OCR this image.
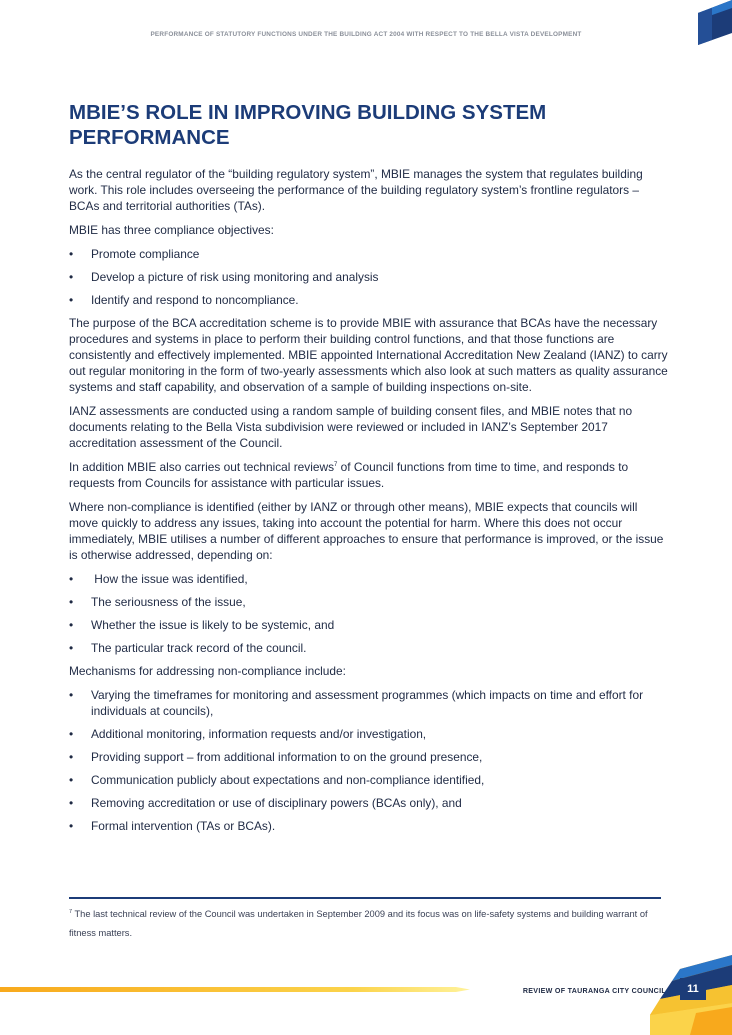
PERFORMANCE OF STATUTORY FUNCTIONS UNDER THE BUILDING ACT 2004 WITH RESPECT TO THE BELLA VISTA DEVELOPMENT
MBIE’S ROLE IN IMPROVING BUILDING SYSTEM PERFORMANCE

As the central regulator of the “building regulatory system”, MBIE manages the system that regulates building work. This role includes overseeing the performance of the building regulatory system’s frontline regulators – BCAs and territorial authorities (TAs).

MBIE has three compliance objectives:

• Promote compliance
• Develop a picture of risk using monitoring and analysis
• Identify and respond to noncompliance.

The purpose of the BCA accreditation scheme is to provide MBIE with assurance that BCAs have the necessary procedures and systems in place to perform their building control functions, and that those functions are consistently and effectively implemented. MBIE appointed International Accreditation New Zealand (IANZ) to carry out regular monitoring in the form of two-yearly assessments which also look at such matters as quality assurance systems and staff capability, and observation of a sample of building inspections on-site.

IANZ assessments are conducted using a random sample of building consent files, and MBIE notes that no documents relating to the Bella Vista subdivision were reviewed or included in IANZ’s September 2017 accreditation assessment of the Council.

In addition MBIE also carries out technical reviews$^7$ of Council functions from time to time, and responds to requests from Councils for assistance with particular issues.

Where non-compliance is identified (either by IANZ or through other means), MBIE expects that councils will move quickly to address any issues, taking into account the potential for harm. Where this does not occur immediately, MBIE utilises a number of different approaches to ensure that performance is improved, or the issue is otherwise addressed, depending on:

• How the issue was identified,
• The seriousness of the issue,
• Whether the issue is likely to be systemic, and
• The particular track record of the council.

Mechanisms for addressing non-compliance include:

• Varying the timeframes for monitoring and assessment programmes (which impacts on time and effort for individuals at councils),
• Additional monitoring, information requests and/or investigation,
• Providing support – from additional information to on the ground presence,
• Communication publicly about expectations and non-compliance identified,
• Removing accreditation or use of disciplinary powers (BCAs only), and
• Formal intervention (TAs or BCAs).
$^7$ The last technical review of the Council was undertaken in September 2009 and its focus was on life-safety systems and building warrant of fitness matters.
REVIEW OF TAURANGA CITY COUNCIL	11
